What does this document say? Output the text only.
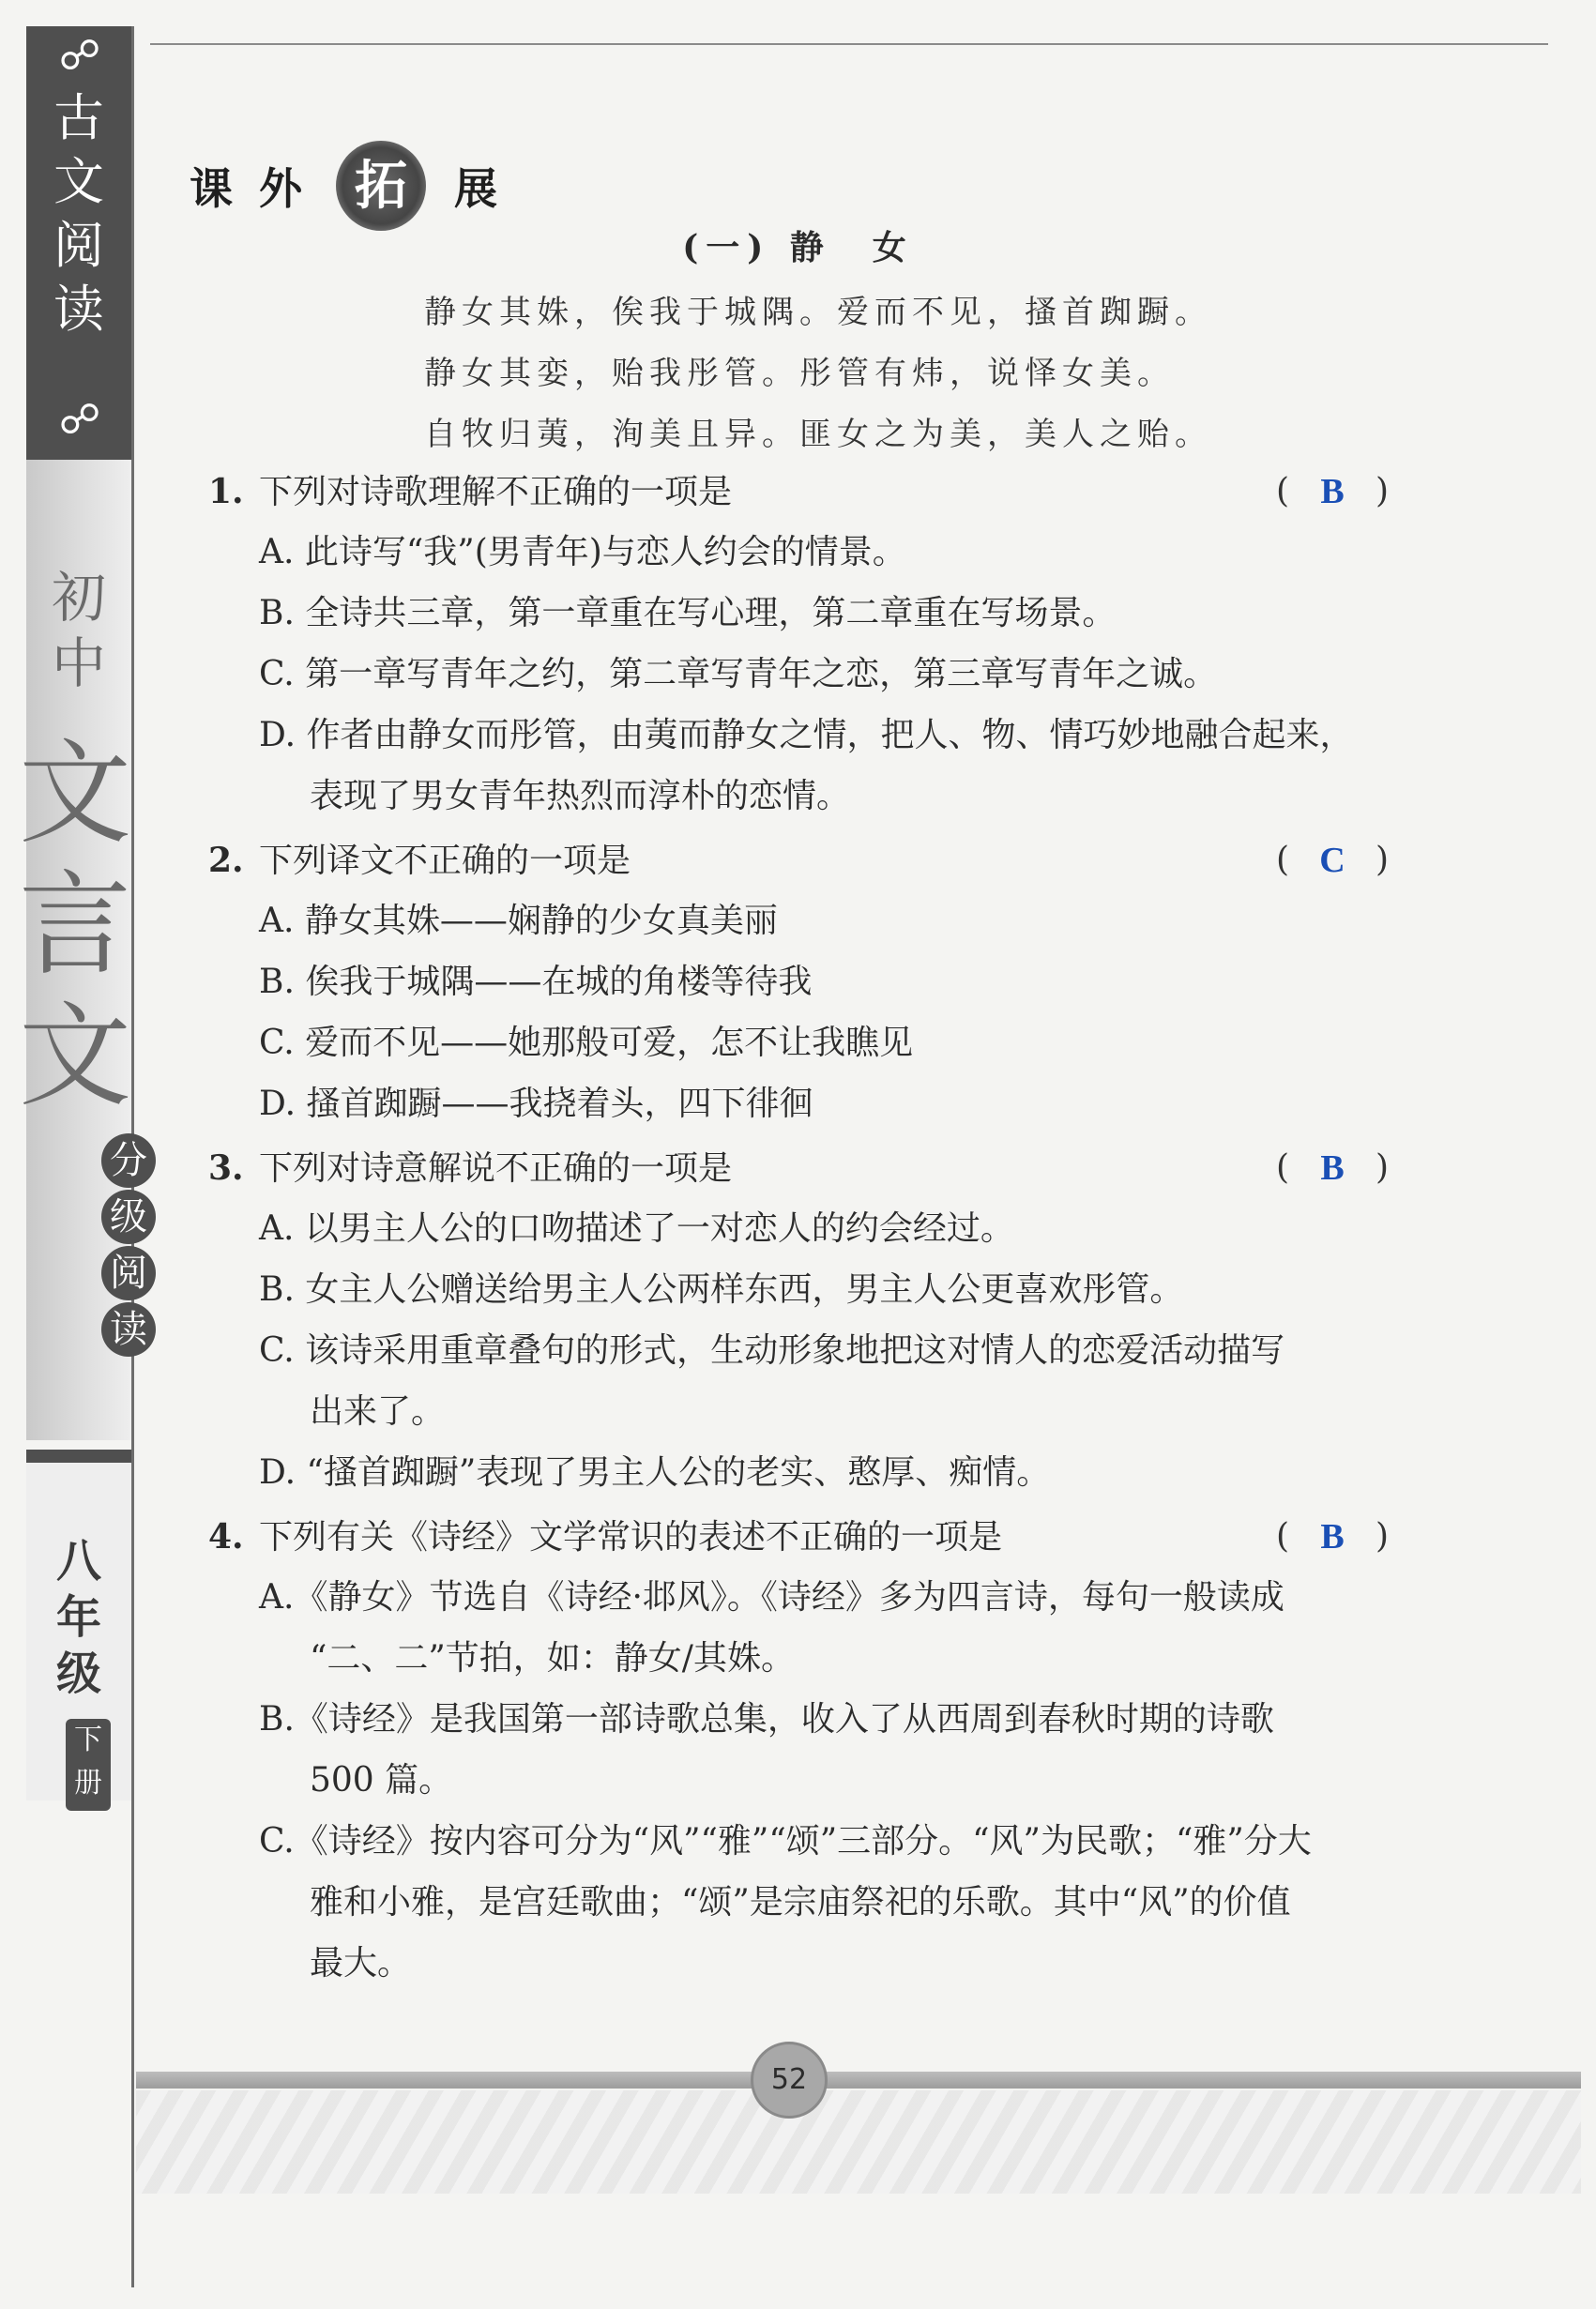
☍
古
文
阅
读
☍
初
中
文
言
文
分
级
阅
读
八
年
级
下
册
课 外 拓 展
(一) 静　女
静女其姝，俟我于城隅。爱而不见，搔首踟蹰。
静女其娈，贻我彤管。彤管有炜，说怿女美。
自牧归荑，洵美且异。匪女之为美，美人之贻。
1. 下列对诗歌理解不正确的一项是	( B )
A. 此诗写“我”(男青年)与恋人约会的情景。
B. 全诗共三章，第一章重在写心理，第二章重在写场景。
C. 第一章写青年之约，第二章写青年之恋，第三章写青年之诚。
D. 作者由静女而彤管，由荑而静女之情，把人、物、情巧妙地融合起来，
表现了男女青年热烈而淳朴的恋情。
2. 下列译文不正确的一项是	( C )
A. 静女其姝——娴静的少女真美丽
B. 俟我于城隅——在城的角楼等待我
C. 爱而不见——她那般可爱，怎不让我瞧见
D. 搔首踟蹰——我挠着头，四下徘徊
3. 下列对诗意解说不正确的一项是	( B )
A. 以男主人公的口吻描述了一对恋人的约会经过。
B. 女主人公赠送给男主人公两样东西，男主人公更喜欢彤管。
C. 该诗采用重章叠句的形式，生动形象地把这对情人的恋爱活动描写
出来了。
D. “搔首踟蹰”表现了男主人公的老实、憨厚、痴情。
4. 下列有关《诗经》文学常识的表述不正确的一项是	( B )
A.《静女》节选自《诗经·邶风》。《诗经》多为四言诗，每句一般读成
“二、二”节拍，如：静女/其姝。
B.《诗经》是我国第一部诗歌总集，收入了从西周到春秋时期的诗歌
500 篇。
C.《诗经》按内容可分为“风”“雅”“颂”三部分。“风”为民歌；“雅”分大
雅和小雅，是宫廷歌曲；“颂”是宗庙祭祀的乐歌。其中“风”的价值
最大。
52
